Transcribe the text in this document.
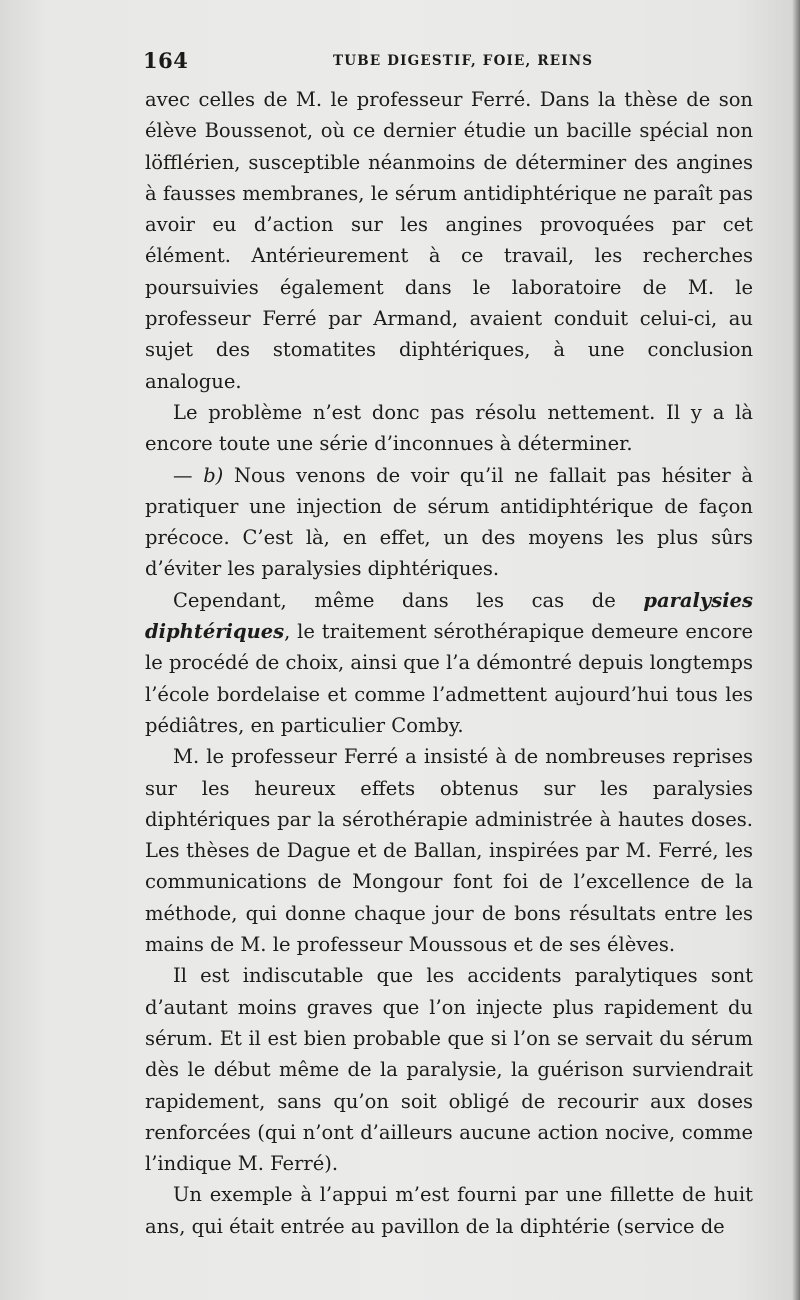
164	TUBE DIGESTIF, FOIE, REINS

avec celles de M. le professeur Ferré. Dans la thèse de son élève Boussenot, où ce dernier étudie un bacille spécial non löfflérien, susceptible néanmoins de déterminer des angines à fausses membranes, le sérum antidiphtérique ne paraît pas avoir eu d’action sur les angines provoquées par cet élément. Antérieurement à ce travail, les recherches poursuivies également dans le laboratoire de M. le professeur Ferré par Armand, avaient conduit celui-ci, au sujet des stomatites diphtériques, à une conclusion analogue.

Le problème n’est donc pas résolu nettement. Il y a là encore toute une série d’inconnues à déterminer.

— b) Nous venons de voir qu’il ne fallait pas hésiter à pratiquer une injection de sérum antidiphtérique de façon précoce. C’est là, en effet, un des moyens les plus sûrs d’éviter les paralysies diphtériques.

Cependant, même dans les cas de paralysies diphtériques, le traitement sérothérapique demeure encore le procédé de choix, ainsi que l’a démontré depuis longtemps l’école bordelaise et comme l’admettent aujourd’hui tous les pédiâtres, en particulier Comby.

M. le professeur Ferré a insisté à de nombreuses reprises sur les heureux effets obtenus sur les paralysies diphtériques par la sérothérapie administrée à hautes doses. Les thèses de Dague et de Ballan, inspirées par M. Ferré, les communications de Mongour font foi de l’excellence de la méthode, qui donne chaque jour de bons résultats entre les mains de M. le professeur Moussous et de ses élèves.

Il est indiscutable que les accidents paralytiques sont d’autant moins graves que l’on injecte plus rapidement du sérum. Et il est bien probable que si l’on se servait du sérum dès le début même de la paralysie, la guérison surviendrait rapidement, sans qu’on soit obligé de recourir aux doses renforcées (qui n’ont d’ailleurs aucune action nocive, comme l’indique M. Ferré).

Un exemple à l’appui m’est fourni par une fillette de huit ans, qui était entrée au pavillon de la diphtérie (service de
